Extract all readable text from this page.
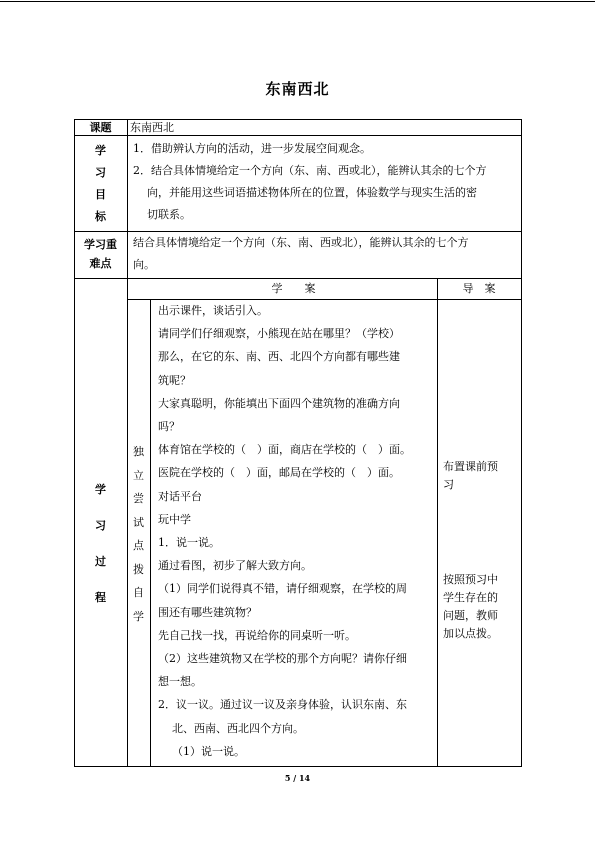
东南西北
课题	东南西北
学
习
目
标
1．借助辨认方向的活动，进一步发展空间观念。
2．结合具体情境给定一个方向（东、南、西或北），能辨认其余的七个方
向，并能用这些词语描述物体所在的位置，体验数学与现实生活的密
切联系。
学习重
难点
结合具体情境给定一个方向（东、南、西或北），能辨认其余的七个方
向。
学　　案	导　案
学
习
过
程
独
立
尝
试
点
拨
自
学
出示课件，谈话引入。
请同学们仔细观察，小熊现在站在哪里？（学校）
那么，在它的东、南、西、北四个方向都有哪些建
筑呢？
大家真聪明，你能填出下面四个建筑物的准确方向
吗？
体育馆在学校的（　）面，商店在学校的（　）面。
医院在学校的（　）面，邮局在学校的（　）面。
对话平台
玩中学
1．说一说。
通过看图，初步了解大致方向。
（1）同学们说得真不错，请仔细观察，在学校的周
围还有哪些建筑物？
先自己找一找，再说给你的同桌听一听。
（2）这些建筑物又在学校的那个方向呢？请你仔细
想一想。
2．议一议。通过议一议及亲身体验，认识东南、东
北、西南、西北四个方向。
（1）说一说。
布置课前预
习
按照预习中
学生存在的
问题，教师
加以点拨。
5 / 14
